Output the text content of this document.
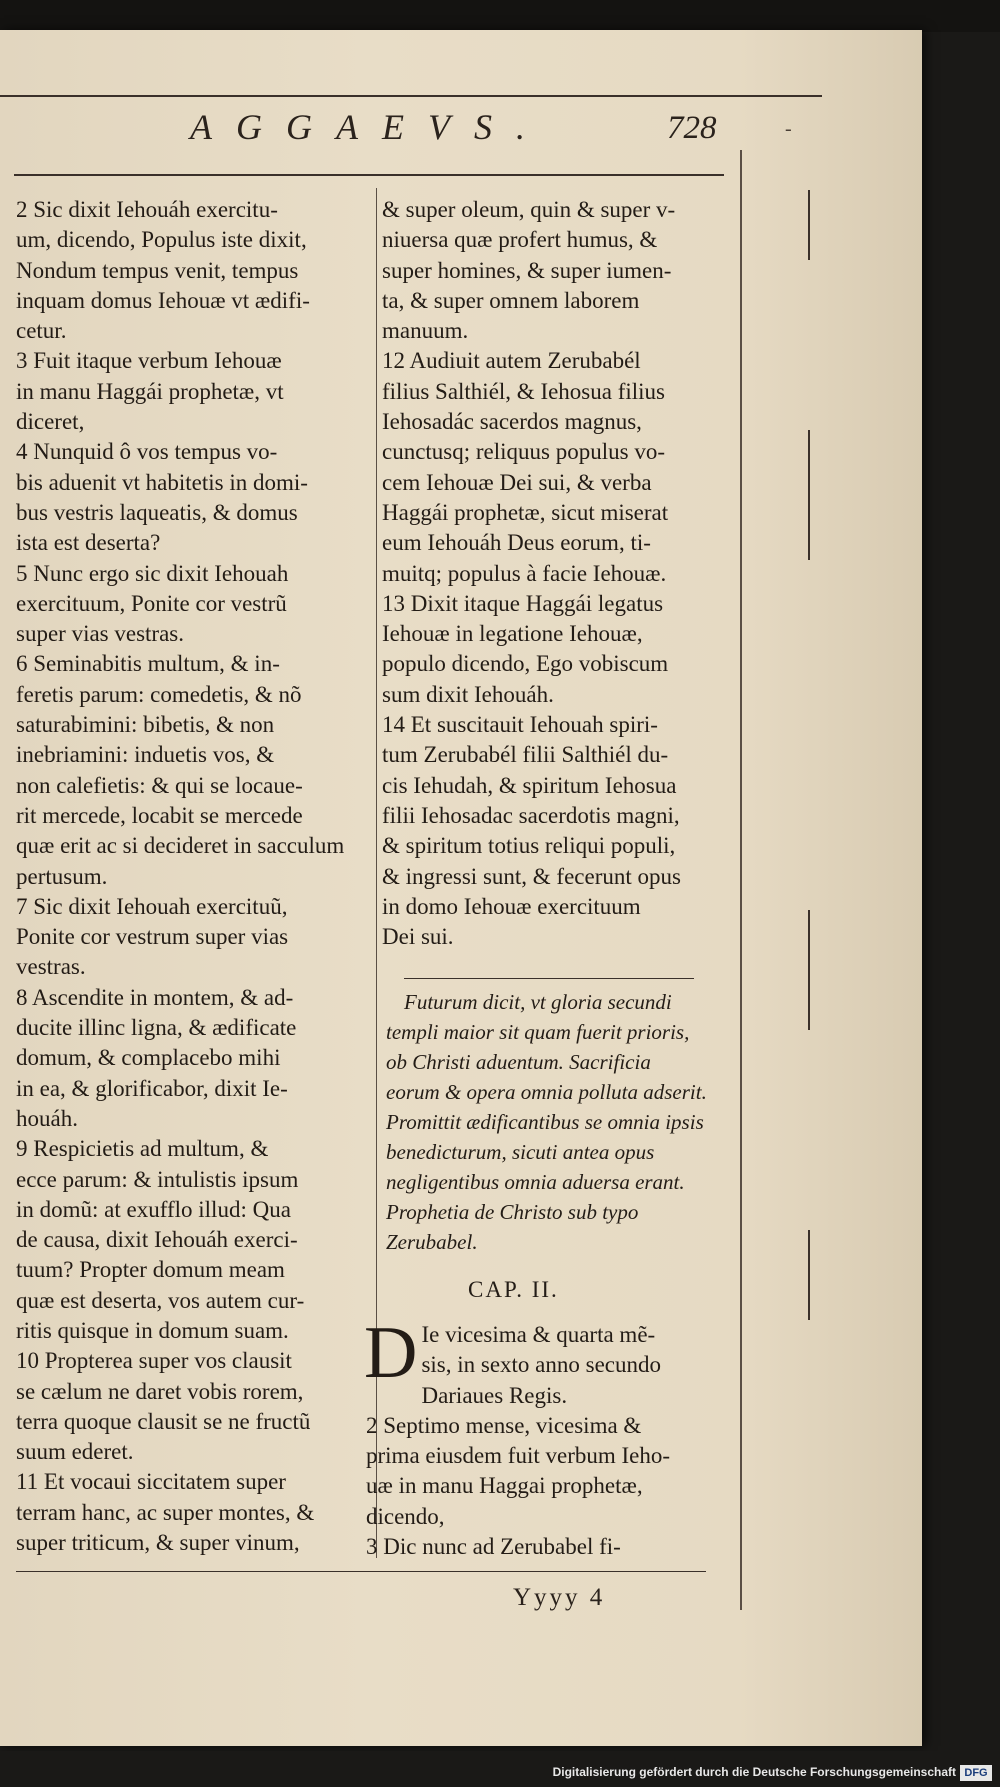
AGGAEVS.	728	-

2 Sic dixit Iehouáh exercitu-

um, dicendo, Populus iste dixit,

Nondum tempus venit, tempus

inquam domus Iehouæ vt ædifi-

cetur.

3 Fuit itaque verbum Iehouæ

in manu Haggái prophetæ, vt

diceret,

4 Nunquid ô vos tempus vo-

bis aduenit vt habitetis in domi-

bus vestris laqueatis, & domus

ista est deserta?

5 Nunc ergo sic dixit Iehouah

exercituum, Ponite cor vestrũ

super vias vestras.

6 Seminabitis multum, & in-

feretis parum: comedetis, & nõ

saturabimini: bibetis, & non

inebriamini: induetis vos, &

non calefietis: & qui se locaue-

rit mercede, locabit se mercede

quæ erit ac si decideret in sacculum

pertusum.

7 Sic dixit Iehouah exercituũ,

Ponite cor vestrum super vias

vestras.

8 Ascendite in montem, & ad-

ducite illinc ligna, & ædificate

domum, & complacebo mihi

in ea, & glorificabor, dixit Ie-

houáh.

9 Respicietis ad multum, &

ecce parum: & intulistis ipsum

in domũ: at exufflo illud: Qua

de causa, dixit Iehouáh exerci-

tuum? Propter domum meam

quæ est deserta, vos autem cur-

ritis quisque in domum suam.

10 Propterea super vos clausit

se cælum ne daret vobis rorem,

terra quoque clausit se ne fructũ

suum ederet.

11 Et vocaui siccitatem super

terram hanc, ac super montes, &

super triticum, & super vinum,

& super oleum, quin & super v-

niuersa quæ profert humus, &

super homines, & super iumen-

ta, & super omnem laborem

manuum.

12 Audiuit autem Zerubabél

filius Salthiél, & Iehosua filius

Iehosadác sacerdos magnus,

cunctusq; reliquus populus vo-

cem Iehouæ Dei sui, & verba

Haggái prophetæ, sicut miserat

eum Iehouáh Deus eorum, ti-

muitq; populus à facie Iehouæ.

13 Dixit itaque Haggái legatus

Iehouæ in legatione Iehouæ,

populo dicendo, Ego vobiscum

sum dixit Iehouáh.

14 Et suscitauit Iehouah spiri-

tum Zerubabél filii Salthiél du-

cis Iehudah, & spiritum Iehosua

filii Iehosadac sacerdotis magni,

& spiritum totius reliqui populi,

& ingressi sunt, & fecerunt opus

in domo Iehouæ exercituum

Dei sui.

Futurum dicit, vt gloria secundi templi maior sit quam fuerit prioris, ob Christi aduentum. Sacrificia eorum & opera omnia polluta adserit. Promittit ædificantibus se omnia ipsis benedicturum, sicuti antea opus negligentibus omnia aduersa erant. Prophetia de Christo sub typo Zerubabel.
CAP. II.
D Ie vicesima & quarta mẽ-

sis, in sexto anno secundo

Dariaues Regis.

2 Septimo mense, vicesima &

prima eiusdem fuit verbum Ieho-

uæ in manu Haggai prophetæ,

dicendo,

3 Dic nunc ad Zerubabel fi-

Yyyy 4
Digitalisierung gefördert durch die Deutsche Forschungsgemeinschaft DFG
